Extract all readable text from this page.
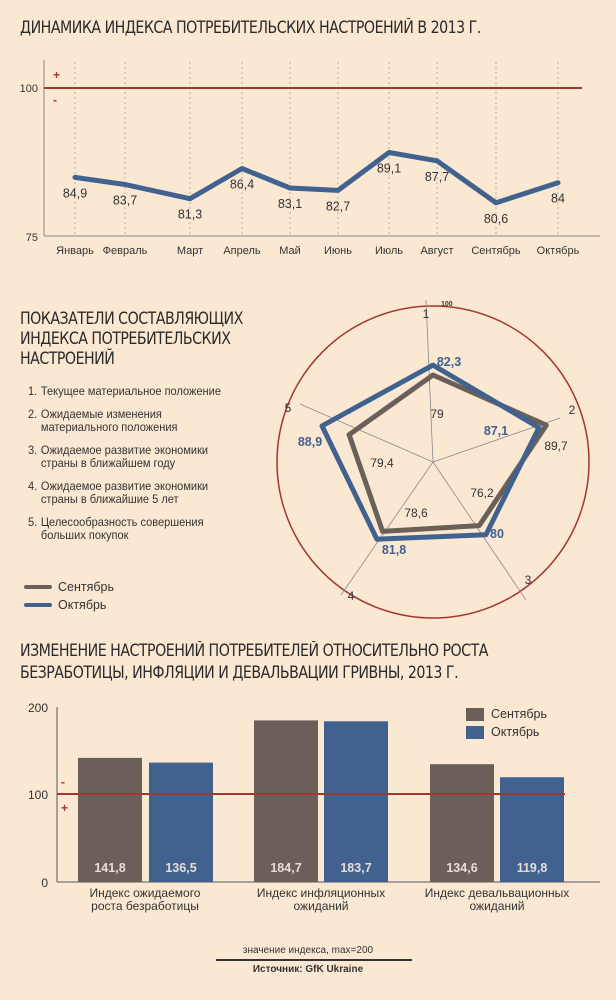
ДИНАМИКА ИНДЕКСА ПОТРЕБИТЕЛЬСКИХ НАСТРОЕНИЙ В 2013 Г.
100
75
+
-
84,9
83,7
81,3
86,4
83,1 82,7
89,1
87,7
80,6
84
Январь Февраль	Март Апрель Май Июнь Июль Август Сентябрь Октябрь
ПОКАЗАТЕЛИ СОСТАВЛЯЮЩИХ
ИНДЕКСА ПОТРЕБИТЕЛЬСКИХ
НАСТРОЕНИЙ
1. Текущее материальное положение
2. Ожидаемые изменения материального положения
3. Ожидаемое развитие экономики страны в ближайшем году
4. Ожидаемое развитие экономики страны в ближайшие 5 лет
5. Целесообразность совершения больших покупок
Сентябрь
Октябрь
1
2
3
4
5
100
79
89,7
76,2
78,6
79,4
82,3
87,1
80
81,8
88,9
ИЗМЕНЕНИЕ НАСТРОЕНИЙ ПОТРЕБИТЕЛЕЙ ОТНОСИТЕЛЬНО РОСТА
БЕЗРАБОТИЦЫ, ИНФЛЯЦИИ И ДЕВАЛЬВАЦИИ ГРИВНЫ, 2013 Г.
Сентябрь
Октябрь
200
100
0
-
+
141,8	184,7	134,6
136,5	183,7	119,8
Индекс ожидаемого
роста безработицы
Индекс инфляционных
ожиданий
Индекс девальвационных
ожиданий
значение индекса, max=200
Источник: GfK Ukraine
